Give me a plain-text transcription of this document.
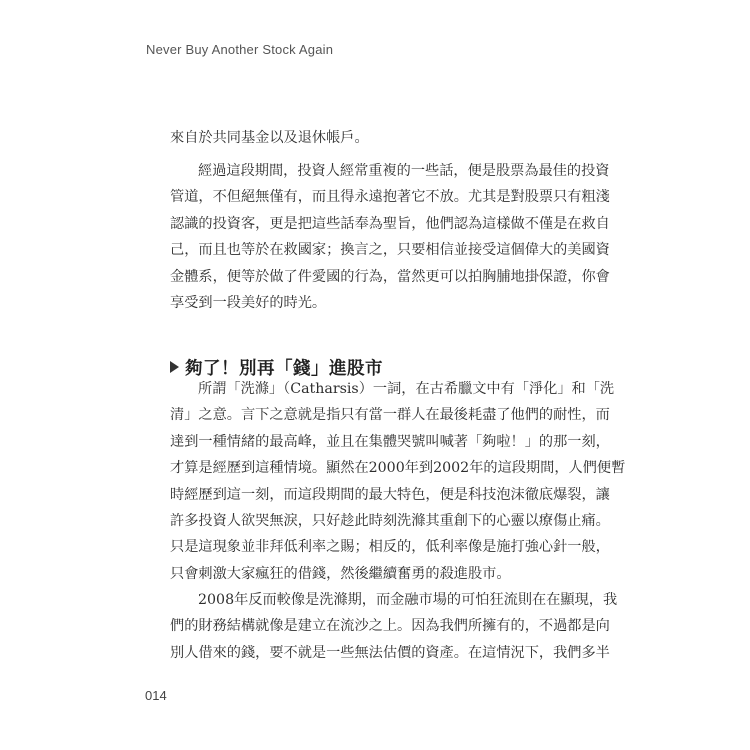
Never Buy Another Stock Again
來自於共同基金以及退休帳戶。
經過這段期間，投資人經常重複的一些話，便是股票為最佳的投資
管道，不但絕無僅有，而且得永遠抱著它不放。尤其是對股票只有粗淺
認識的投資客，更是把這些話奉為聖旨，他們認為這樣做不僅是在救自
己，而且也等於在救國家；換言之，只要相信並接受這個偉大的美國資
金體系，便等於做了件愛國的行為，當然更可以拍胸脯地掛保證，你會
享受到一段美好的時光。
夠了！別再「錢」進股市
所謂「洗滌」（Catharsis）一詞，在古希臘文中有「淨化」和「洗
清」之意。言下之意就是指只有當一群人在最後耗盡了他們的耐性，而
達到一種情緒的最高峰，並且在集體哭號叫喊著「夠啦！」的那一刻，
才算是經歷到這種情境。顯然在2000年到2002年的這段期間，人們便暫
時經歷到這一刻，而這段期間的最大特色，便是科技泡沫徹底爆裂，讓
許多投資人欲哭無淚，只好趁此時刻洗滌其重創下的心靈以療傷止痛。
只是這現象並非拜低利率之賜；相反的，低利率像是施打強心針一般，
只會刺激大家瘋狂的借錢，然後繼續奮勇的殺進股市。
2008年反而較像是洗滌期，而金融市場的可怕狂流則在在顯現，我
們的財務結構就像是建立在流沙之上。因為我們所擁有的，不過都是向
別人借來的錢，要不就是一些無法估價的資產。在這情況下，我們多半
014
